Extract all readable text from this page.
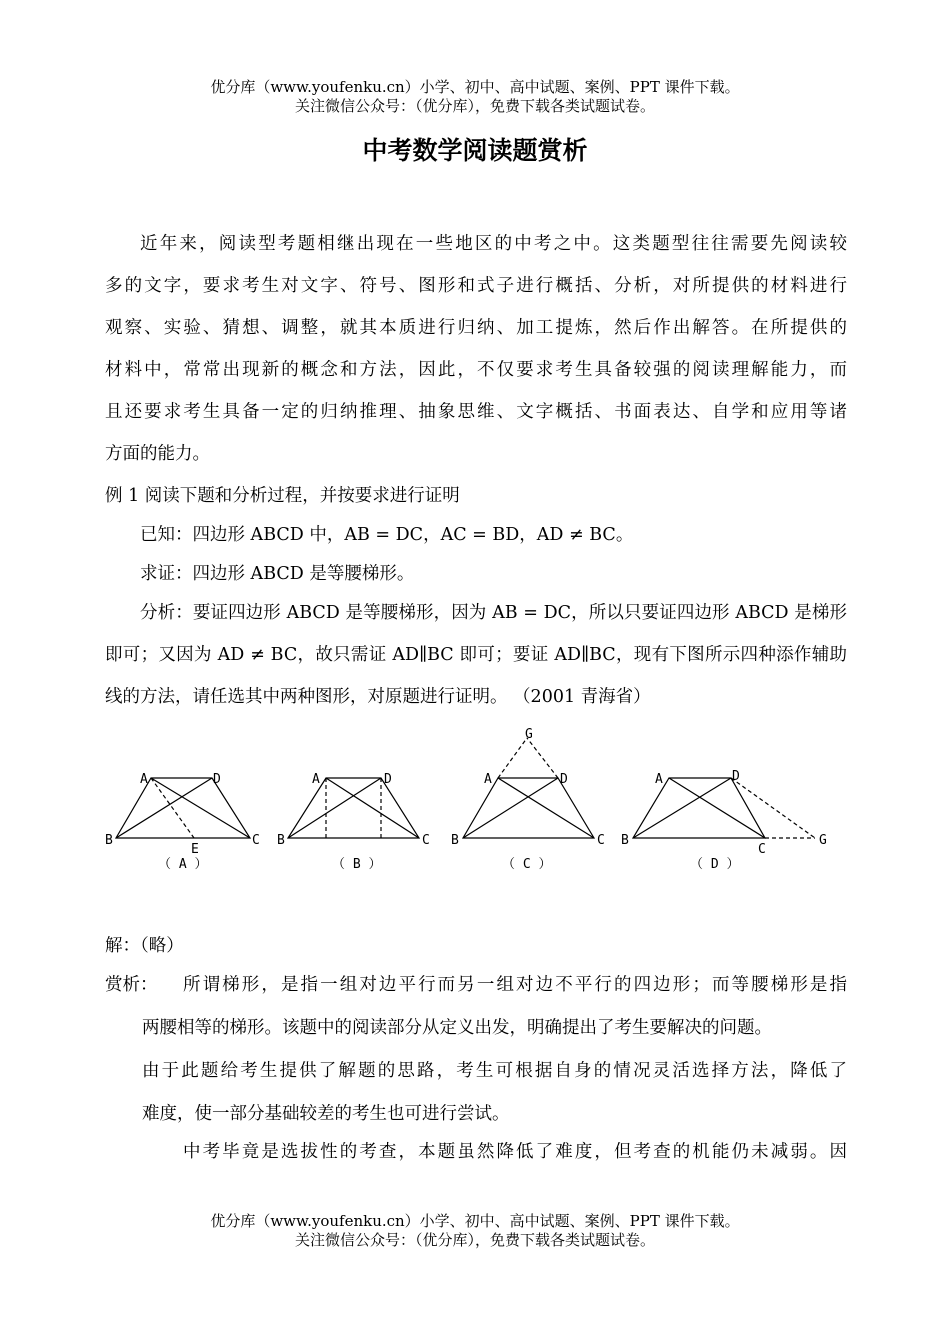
优分库（www.youfenku.cn）小学、初中、高中试题、案例、PPT 课件下载。
关注微信公众号：（优分库），免费下载各类试题试卷。
中考数学阅读题赏析
近年来，阅读型考题相继出现在一些地区的中考之中。这类题型往往需要先阅读较
多的文字，要求考生对文字、符号、图形和式子进行概括、分析，对所提供的材料进行
观察、实验、猜想、调整，就其本质进行归纳、加工提炼，然后作出解答。在所提供的
材料中，常常出现新的概念和方法，因此，不仅要求考生具备较强的阅读理解能力，而
且还要求考生具备一定的归纳推理、抽象思维、文字概括、书面表达、自学和应用等诸
方面的能力。
例 1 阅读下题和分析过程，并按要求进行证明
已知：四边形 ABCD 中，AB = DC，AC = BD，AD ≠ BC。
求证：四边形 ABCD 是等腰梯形。
分析：要证四边形 ABCD 是等腰梯形，因为 AB = DC，所以只要证四边形 ABCD 是梯形
即可；又因为 AD ≠ BC，故只需证 AD∥BC 即可；要证 AD∥BC，现有下图所示四种添作辅助
线的方法，请任选其中两种图形，对原题进行证明。 （2001 青海省）
A	D
B	C
E
（ A ）
A	D
B	C
（ B ）
G
A	D
B	C
（ C ）
A	D
B
C
G
（ D ）
解：（略）
赏析：	所谓梯形，是指一组对边平行而另一组对边不平行的四边形；而等腰梯形是指
两腰相等的梯形。该题中的阅读部分从定义出发，明确提出了考生要解决的问题。
由于此题给考生提供了解题的思路，考生可根据自身的情况灵活选择方法，降低了
难度，使一部分基础较差的考生也可进行尝试。
中考毕竟是选拔性的考查，本题虽然降低了难度，但考查的机能仍未减弱。因
优分库（www.youfenku.cn）小学、初中、高中试题、案例、PPT 课件下载。
关注微信公众号：（优分库），免费下载各类试题试卷。
